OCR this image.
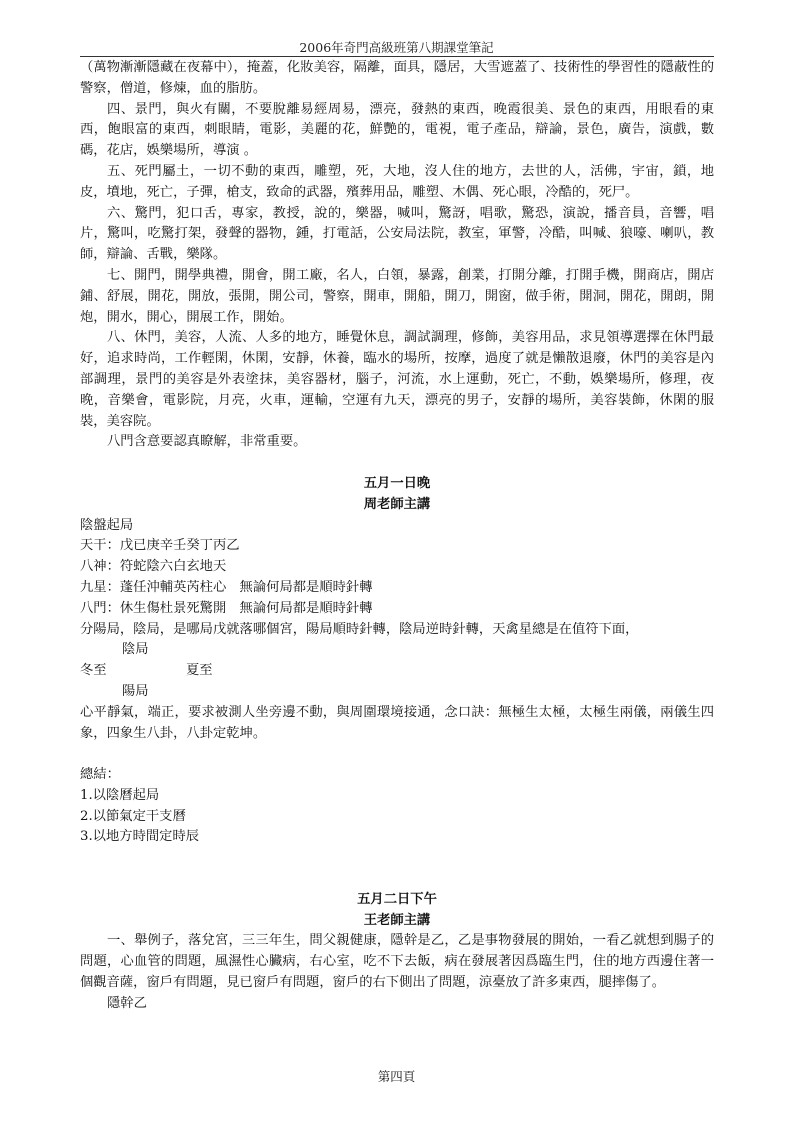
2006年奇門高級班第八期課堂筆記

（萬物漸漸隱藏在夜幕中），掩蓋，化妝美容，隔離，面具，隱居，大雪遮蓋了、技術性的學習性的隱蔽性的警察，僧道，修煉，血的脂肪。

四、景門，與火有關，不要脫離易經周易，漂亮，發熱的東西，晚霞很美、景色的東西，用眼看的東西，飽眼富的東西，刺眼睛，電影，美麗的花，鮮艷的，電視，電子產品，辯論，景色，廣告，演戲，數碼，花店，娛樂場所，導演 。

五、死門屬土，一切不動的東西，雕塑，死，大地，沒人住的地方，去世的人，活佛，宇宙，鎖，地皮，墳地，死亡，子彈，槍支，致命的武器，殯葬用品，雕塑、木偶、死心眼，冷酷的，死尸。

六、驚門，犯口舌，專家，教授，說的，樂器，喊叫，驚訝，唱歌，驚恐，演說，播音員，音響，唱片，驚叫，吃驚打架，發聲的器物，鍾，打電話，公安局法院，教室，軍警，冷酷，叫喊、狼嚎、喇叭，教師，辯論、舌戰，樂隊。

七、開門，開學典禮，開會，開工廠，名人，白領，暴露，創業，打開分離，打開手機，開商店，開店鋪、舒展，開花，開放，張開，開公司，警察，開車，開船，開刀，開窗，做手術，開洞，開花，開朗，開炮，開水，開心，開展工作，開始。

八、休門，美容，人流、人多的地方，睡覺休息，調試調理，修飾，美容用品，求見領導選擇在休門最好，追求時尚，工作輕閑，休閑，安靜，休養，臨水的場所，按摩，過度了就是懶散退廢，休門的美容是內部調理，景門的美容是外表塗抹，美容器材，腦子，河流，水上運動，死亡，不動，娛樂場所，修理，夜晚，音樂會，電影院，月亮，火車，運輸，空運有九天，漂亮的男子，安靜的場所，美容裝飾，休閑的服裝，美容院。

八門含意要認真瞭解，非常重要。

五月一日晚

周老師主講

陰盤起局

天干：戊已庚辛壬癸丁丙乙

八神：符蛇陰六白玄地天

九星：蓬任沖輔英芮柱心　無論何局都是順時針轉

八門：休生傷杜景死驚開　無論何局都是順時針轉

分陽局，陰局，是哪局戊就落哪個宮，陽局順時針轉，陰局逆時針轉，天禽星總是在值符下面，

陰局

冬至	夏至

陽局

心平靜氣，端正，要求被測人坐旁邊不動，與周圍環境接通，念口訣：無極生太極，太極生兩儀，兩儀生四象，四象生八卦，八卦定乾坤。

總結：

1.以陰曆起局

2.以節氣定干支曆

3.以地方時間定時辰

五月二日下午

王老師主講

一、舉例子，落兌宮，三三年生，問父親健康，隱幹是乙，乙是事物發展的開始，一看乙就想到腸子的問題，心血管的問題，風濕性心臟病，右心室，吃不下去飯，病在發展著因爲臨生門，住的地方西邊住著一個觀音薩，窗戶有問題，見已窗戶有問題，窗戶的右下側出了問題，涼臺放了許多東西，腿摔傷了。

隱幹乙

第四頁
